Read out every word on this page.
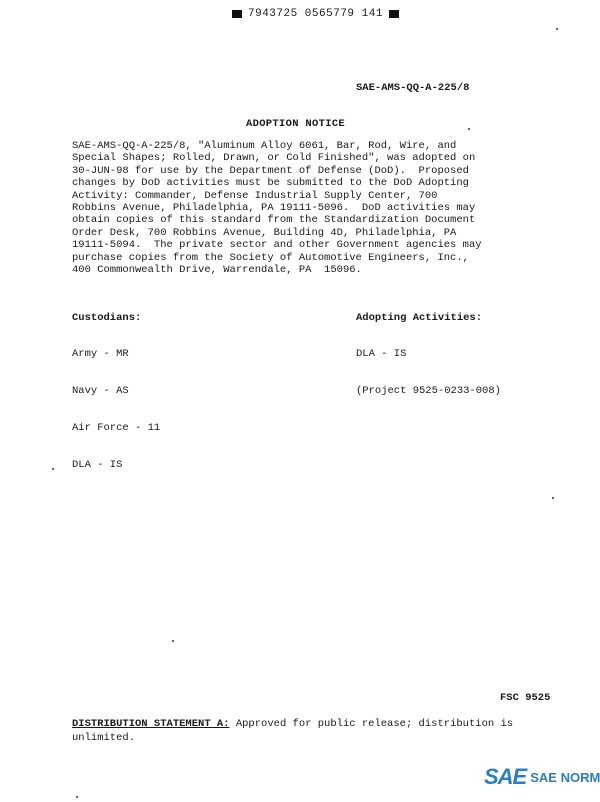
7943725 0565779 141
SAE-AMS-QQ-A-225/8
ADOPTION NOTICE
SAE-AMS-QQ-A-225/8, "Aluminum Alloy 6061, Bar, Rod, Wire, and
Special Shapes; Rolled, Drawn, or Cold Finished", was adopted on
30-JUN-98 for use by the Department of Defense (DoD).  Proposed
changes by DoD activities must be submitted to the DoD Adopting
Activity: Commander, Defense Industrial Supply Center, 700
Robbins Avenue, Philadelphia, PA 19111-5096.  DoD activities may
obtain copies of this standard from the Standardization Document
Order Desk, 700 Robbins Avenue, Building 4D, Philadelphia, PA
19111-5094.  The private sector and other Government agencies may
purchase copies from the Society of Automotive Engineers, Inc.,
400 Commonwealth Drive, Warrendale, PA  15096.
Custodians:

Army - MR

Navy - AS

Air Force - 11

DLA - IS

Adopting Activities:

DLA - IS

(Project 9525-0233-008)

FSC 9525
DISTRIBUTION STATEMENT A: Approved for public release; distribution is unlimited.
SAE SAE NORM
